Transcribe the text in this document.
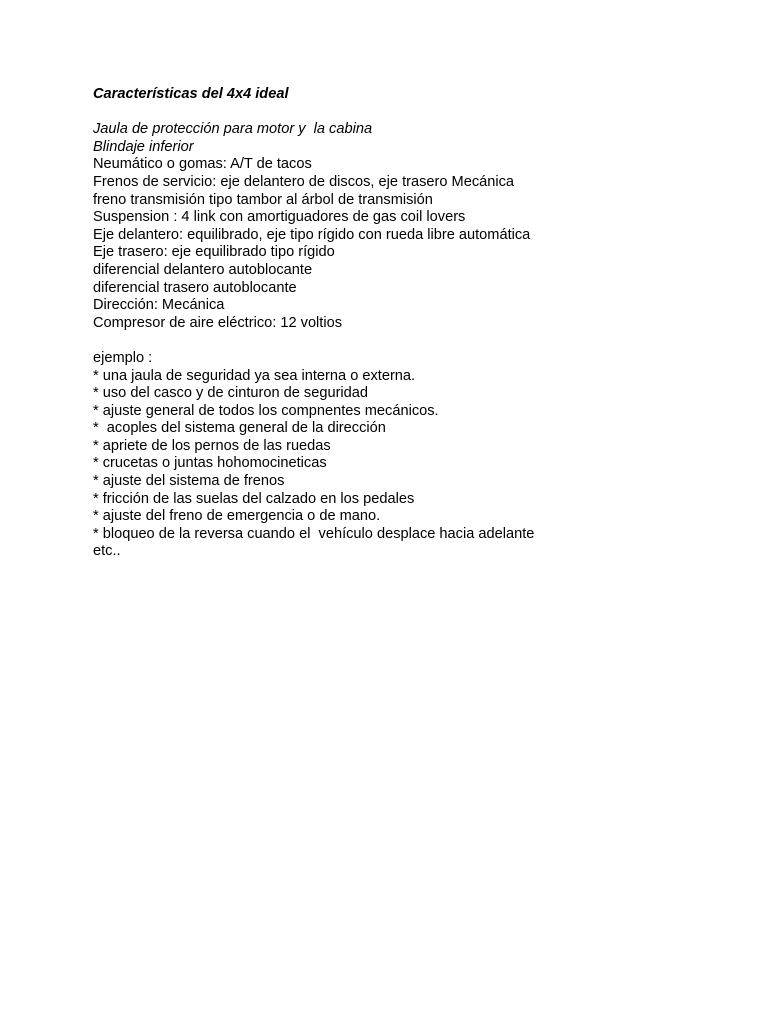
Características del 4x4 ideal

Jaula de protección para motor y  la cabina

Blindaje inferior

Neumático o gomas: A/T de tacos

Frenos de servicio: eje delantero de discos, eje trasero Mecánica

freno transmisión tipo tambor al árbol de transmisión

Suspension : 4 link con amortiguadores de gas coil lovers

Eje delantero: equilibrado, eje tipo rígido con rueda libre automática

Eje trasero: eje equilibrado tipo rígido

diferencial delantero autoblocante

diferencial trasero autoblocante

Dirección: Mecánica

Compresor de aire eléctrico: 12 voltios

ejemplo :

* una jaula de seguridad ya sea interna o externa.

* uso del casco y de cinturon de seguridad

* ajuste general de todos los compnentes mecánicos.

*  acoples del sistema general de la dirección

* apriete de los pernos de las ruedas

* crucetas o juntas hohomocineticas

* ajuste del sistema de frenos

* fricción de las suelas del calzado en los pedales

* ajuste del freno de emergencia o de mano.

* bloqueo de la reversa cuando el  vehículo desplace hacia adelante

etc..
